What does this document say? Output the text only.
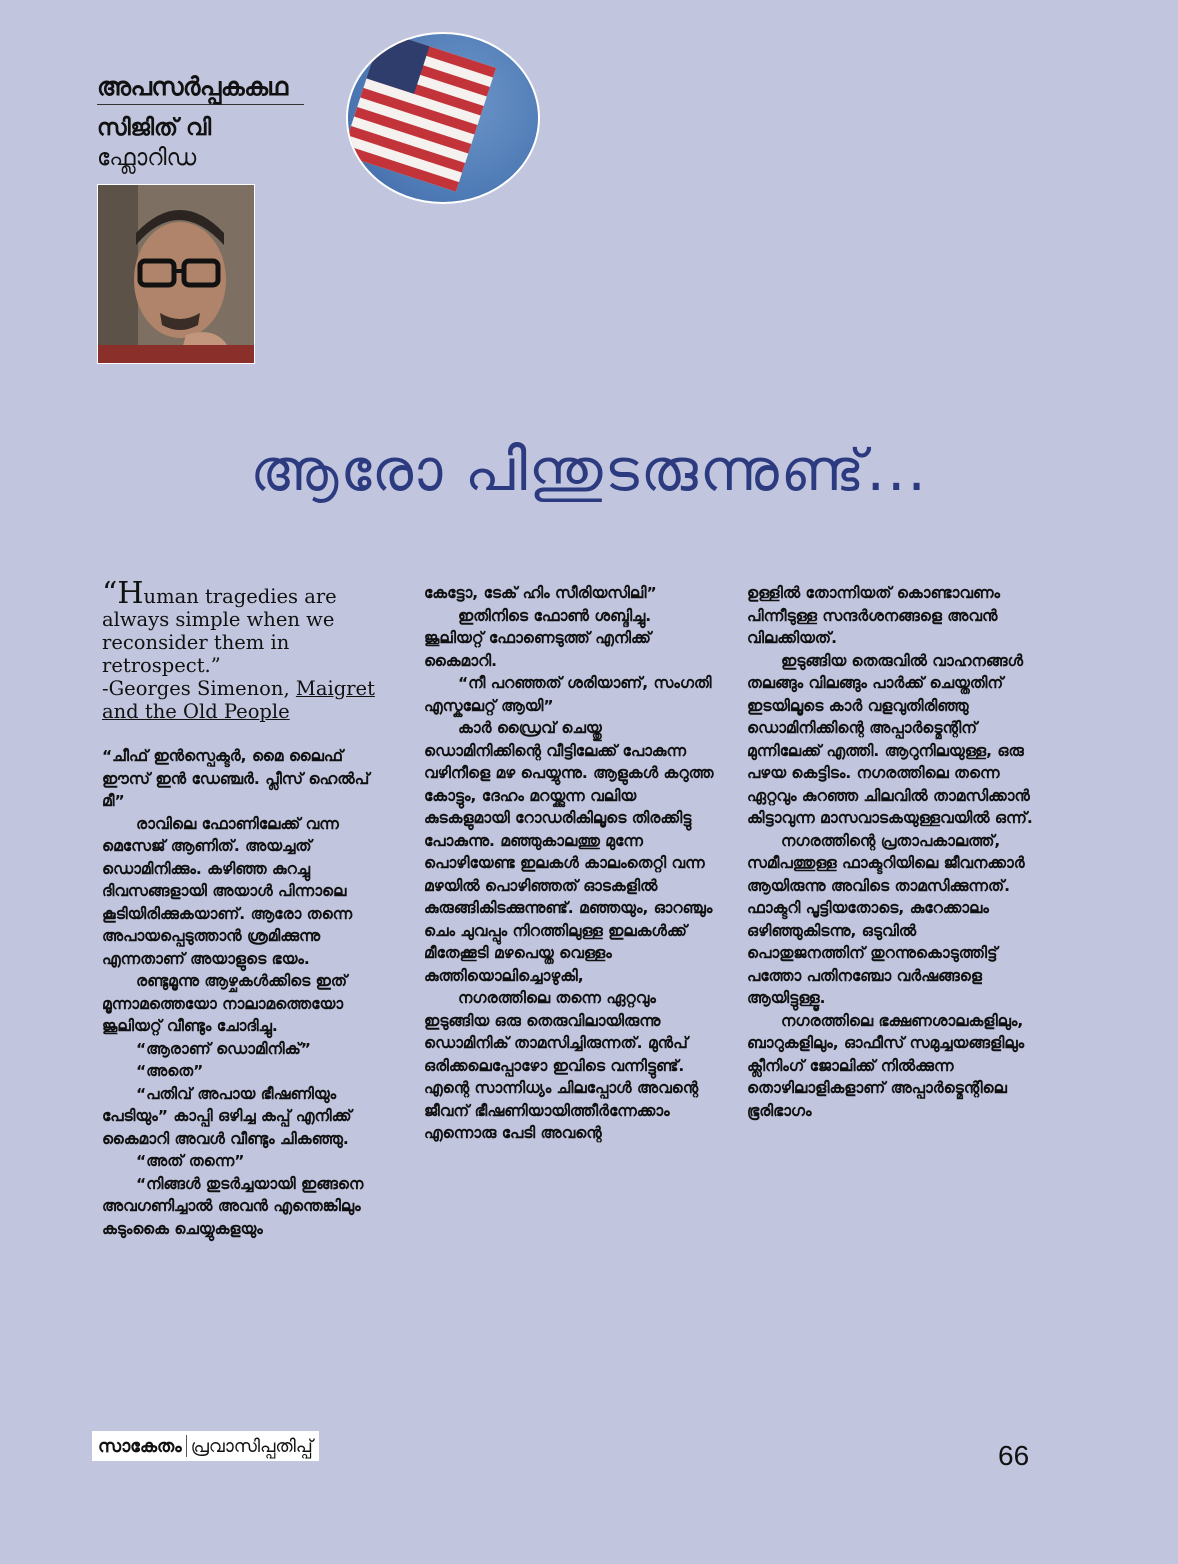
അപസർപ്പകകഥ
സിജിത് വി
ഫ്ലോറിഡ
ആരോ പിന്തുടരുന്നുണ്ട്...

“Human tragedies are always simple when we reconsider them in retrospect.”
-Georges Simenon, Maigret and the Old People

“ചീഫ് ഇൻസ്പെക്ടർ, മൈ ലൈഫ് ഈസ് ഇൻ ഡേഞ്ചർ. പ്ലീസ് ഹെൽപ് മീ”

രാവിലെ ഫോണിലേക്ക് വന്ന മെസേജ് ആണിത്. അയച്ചത് ഡൊമിനിക്കും. കഴിഞ്ഞ കുറച്ചു ദിവസങ്ങളായി അയാൾ പിന്നാലെ കൂടിയിരിക്കുകയാണ്. ആരോ തന്നെ അപായപ്പെടുത്താൻ ശ്രമിക്കുന്നു എന്നതാണ് അയാളുടെ ഭയം.

രണ്ടുമൂന്നു ആഴ്ചകൾക്കിടെ ഇത് മൂന്നാമത്തെയോ നാലാമത്തെയോ ജൂലിയറ്റ് വീണ്ടും ചോദിച്ചു.

“ആരാണ് ഡൊമിനിക്”

“അതെ”

“പതിവ് അപായ ഭീഷണിയും പേടിയും” കാപ്പി ഒഴിച്ച കപ്പ് എനിക്ക് കൈമാറി അവൾ വീണ്ടും ചികഞ്ഞു.

“അത് തന്നെ”

“നിങ്ങൾ തുടർച്ചയായി ഇങ്ങനെ അവഗണിച്ചാൽ അവൻ എന്തെങ്കിലും കടുംകൈ ചെയ്യുകളയും

കേട്ടോ, ടേക് ഹിം സീരിയസിലി”

ഇതിനിടെ ഫോൺ ശബ്ദിച്ചു. ജൂലിയറ്റ് ഫോണെടുത്ത് എനിക്ക് കൈമാറി.

“നീ പറഞ്ഞത് ശരിയാണ്, സംഗതി എസ്കലേറ്റ് ആയി”

കാർ ഡ്രൈവ് ചെയ്തു ഡൊമിനിക്കിന്റെ വീട്ടിലേക്ക് പോകുന്ന വഴിനീളെ മഴ പെയ്യുന്നു. ആളുകൾ കറുത്ത കോട്ടും, ദേഹം മറയ്ക്കുന്ന വലിയ കുടകളുമായി റോഡരികിലൂടെ തിരക്കിട്ടു പോകുന്നു. മഞ്ഞുകാലത്തു മുന്നേ പൊഴിയേണ്ട ഇലകൾ കാലംതെറ്റി വന്ന മഴയിൽ പൊഴിഞ്ഞത് ഓടകളിൽ കുരുങ്ങികിടക്കുന്നുണ്ട്. മഞ്ഞയും, ഓറഞ്ചും ചെം ചുവപ്പും നിറത്തിലുള്ള ഇലകൾക്ക് മീതേക്കൂടി മഴപെയ്ത വെള്ളം കുത്തിയൊലിച്ചൊഴുകി,

നഗരത്തിലെ തന്നെ ഏറ്റവും ഇടുങ്ങിയ ഒരു തെരുവിലായിരുന്നു ഡൊമിനിക് താമസിച്ചിരുന്നത്. മുൻപ് ഒരിക്കലെപ്പോഴോ ഇവിടെ വന്നിട്ടുണ്ട്. എന്റെ സാന്നിധ്യം ചിലപ്പോൾ അവന്റെ ജീവന് ഭീഷണിയായിത്തീർന്നേക്കാം എന്നൊരു പേടി അവന്റെ

ഉള്ളിൽ തോന്നിയത് കൊണ്ടാവണം പിന്നീടുള്ള സന്ദർശനങ്ങളെ അവൻ വിലക്കിയത്.

ഇടുങ്ങിയ തെരുവിൽ വാഹനങ്ങൾ തലങ്ങും വിലങ്ങും പാർക്ക് ചെയ്തതിന് ഇടയിലൂടെ കാർ വളവുതിരിഞ്ഞു ഡൊമിനിക്കിന്റെ അപ്പാർട്മെന്റിന് മുന്നിലേക്ക് എത്തി. ആറുനിലയുള്ള, ഒരു പഴയ കെട്ടിടം. നഗരത്തിലെ തന്നെ ഏറ്റവും കുറഞ്ഞ ചിലവിൽ താമസിക്കാൻ കിട്ടാവുന്ന മാസവാടകയുള്ളവയിൽ ഒന്ന്.

നഗരത്തിന്റെ പ്രതാപകാലത്ത്, സമീപത്തുള്ള ഫാക്ടറിയിലെ ജീവനക്കാർ ആയിരുന്നു അവിടെ താമസിക്കുന്നത്. ഫാക്ടറി പൂട്ടിയതോടെ, കുറേക്കാലം ഒഴിഞ്ഞുകിടന്നു, ഒടുവിൽ പൊതുജനത്തിന് തുറന്നുകൊടുത്തിട്ട് പത്തോ പതിനഞ്ചോ വർഷങ്ങളെ ആയിട്ടുള്ളൂ.

നഗരത്തിലെ ഭക്ഷണശാലകളിലും, ബാറുകളിലും, ഓഫീസ് സമുച്ചയങ്ങളിലും ക്ലീനിംഗ് ജോലിക്ക് നിൽക്കുന്ന തൊഴിലാളികളാണ് അപ്പാർട്മെന്റിലെ ഭൂരിഭാഗം

സാകേതം പ്രവാസിപ്പതിപ്പ്	66
